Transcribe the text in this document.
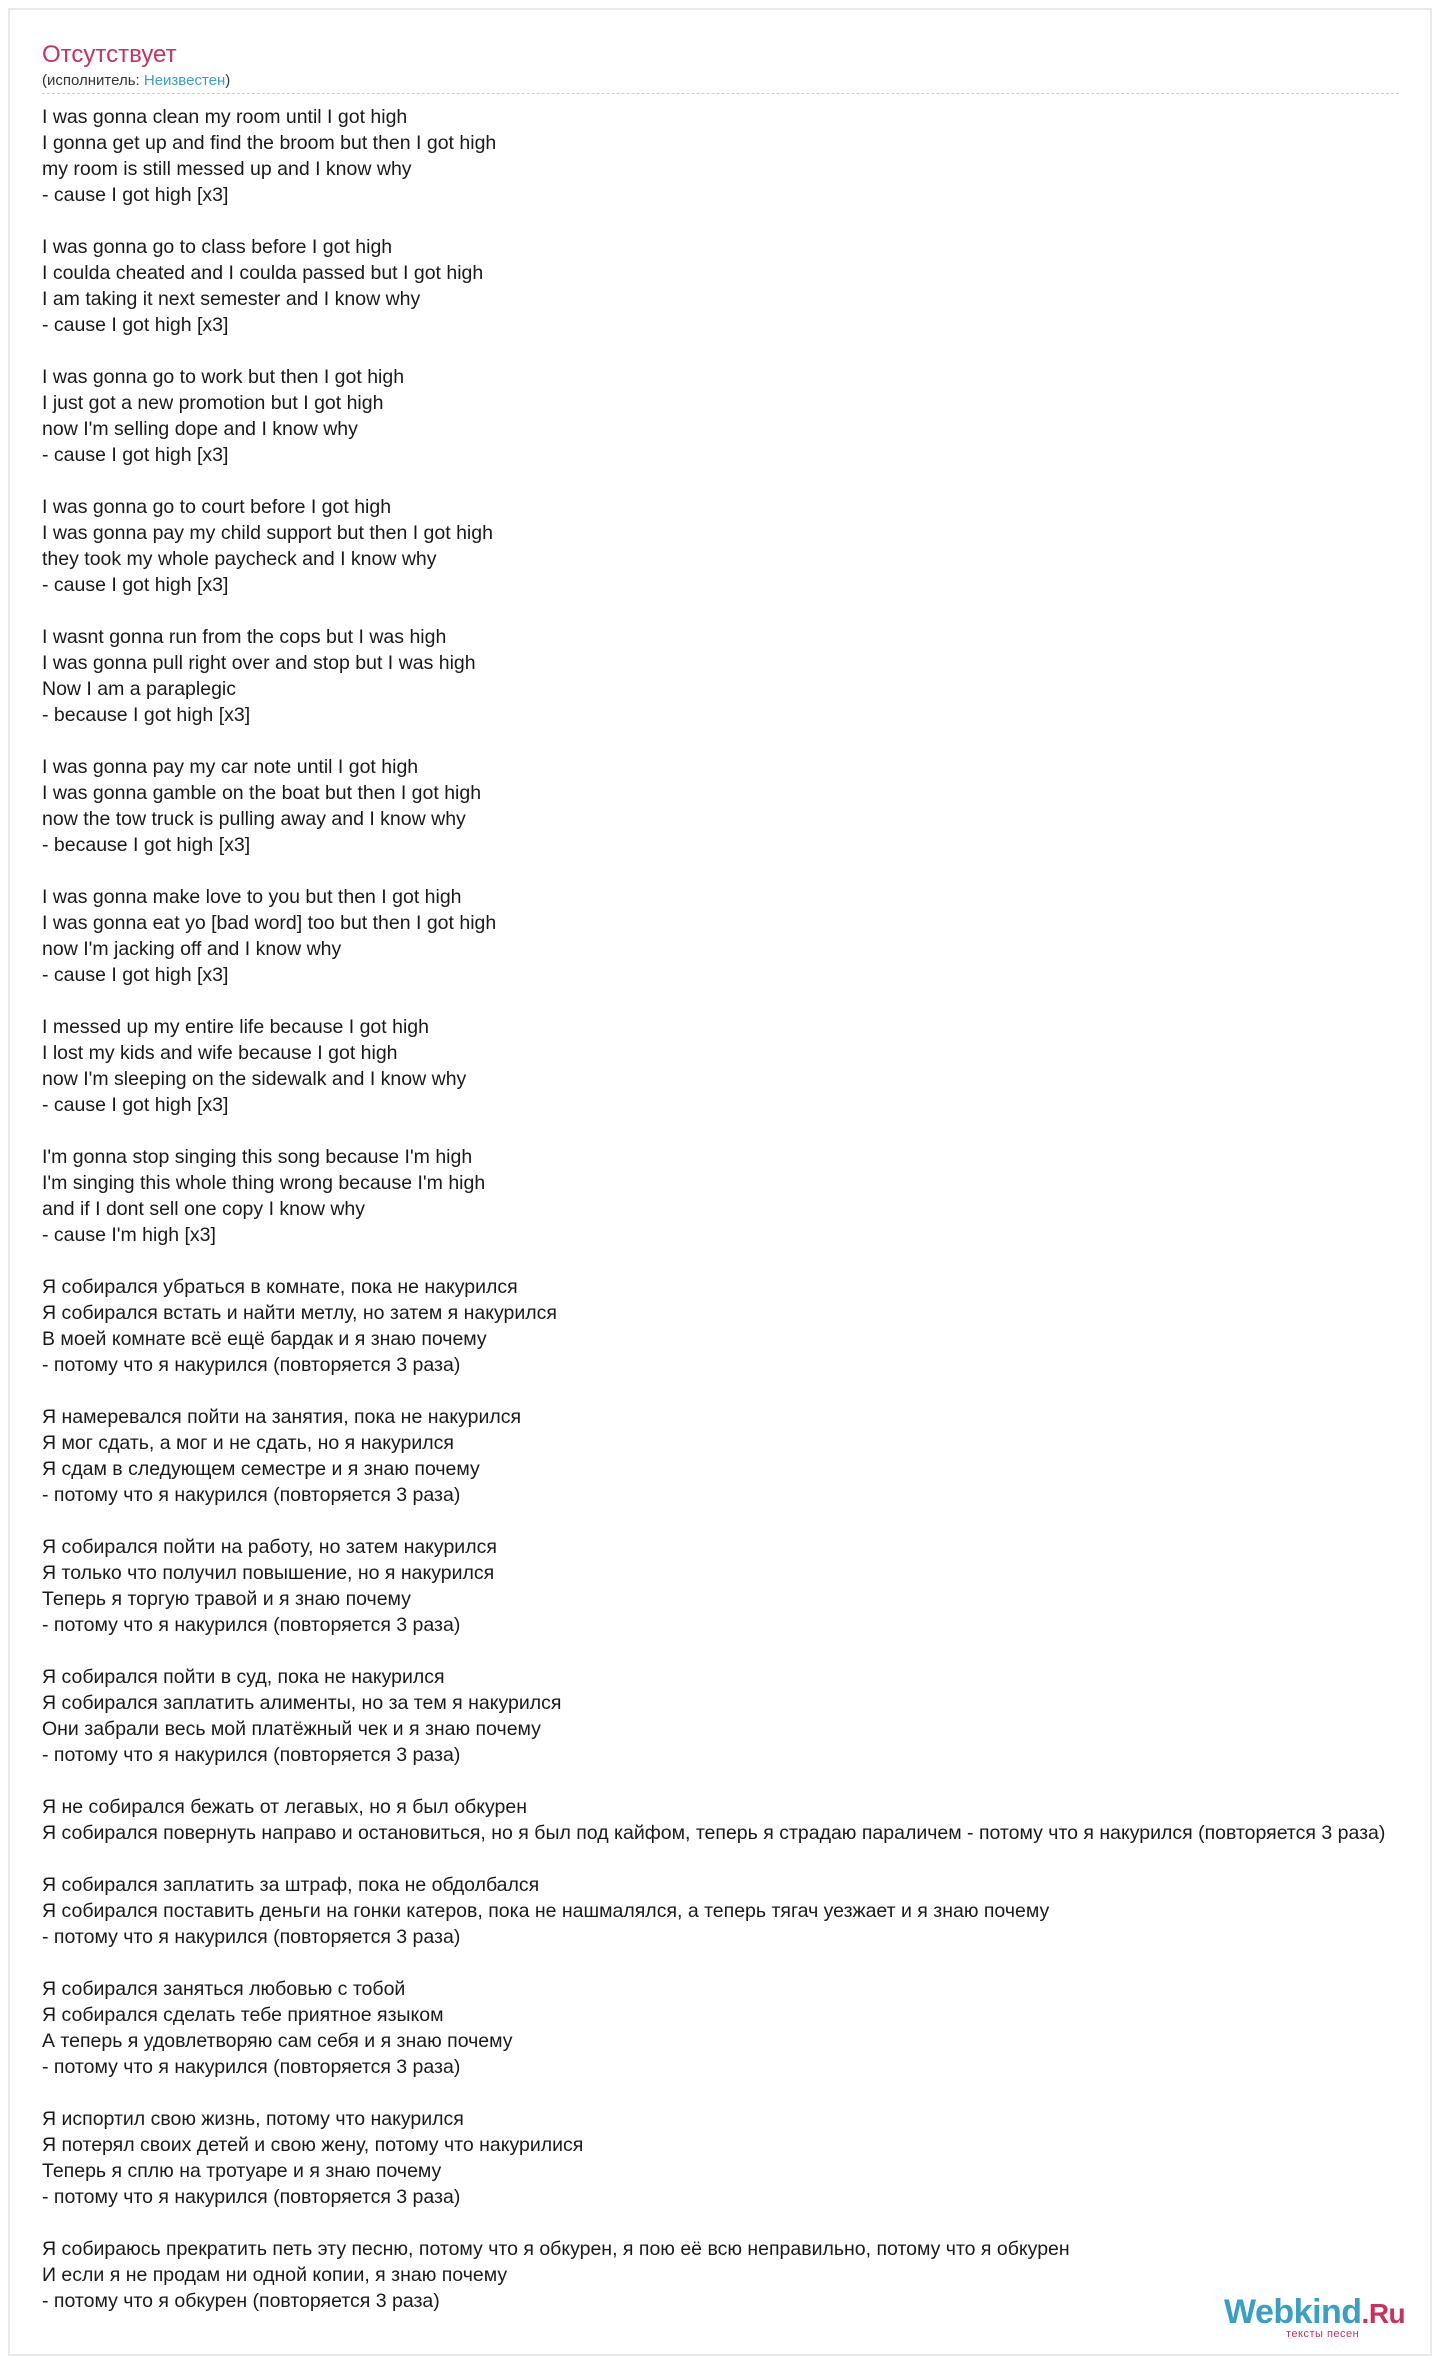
Отсутствует
(исполнитель: Неизвестен)
I was gonna clean my room until I got high
I gonna get up and find the broom but then I got high
my room is still messed up and I know why
- cause I got high [x3]
I was gonna go to class before I got high
I coulda cheated and I coulda passed but I got high
I am taking it next semester and I know why
- cause I got high [x3]
I was gonna go to work but then I got high
I just got a new promotion but I got high
now I'm selling dope and I know why
- cause I got high [x3]
I was gonna go to court before I got high
I was gonna pay my child support but then I got high
they took my whole paycheck and I know why
- cause I got high [x3]
I wasnt gonna run from the cops but I was high
I was gonna pull right over and stop but I was high
Now I am a paraplegic
- because I got high [x3]
I was gonna pay my car note until I got high
I was gonna gamble on the boat but then I got high
now the tow truck is pulling away and I know why
- because I got high [x3]
I was gonna make love to you but then I got high
I was gonna eat yo [bad word] too but then I got high
now I'm jacking off and I know why
- cause I got high [x3]
I messed up my entire life because I got high
I lost my kids and wife because I got high
now I'm sleeping on the sidewalk and I know why
- cause I got high [x3]
I'm gonna stop singing this song because I'm high
I'm singing this whole thing wrong because I'm high
and if I dont sell one copy I know why
- cause I'm high [x3]
Я собирался убраться в комнате, пока не накурился
Я собирался встать и найти метлу, но затем я накурился
В моей комнате всё ещё бардак и я знаю почему
- потому что я накурился (повторяется 3 раза)
Я намеревался пойти на занятия, пока не накурился
Я мог сдать, а мог и не сдать, но я накурился
Я сдам в следующем семестре и я знаю почему
- потому что я накурился (повторяется 3 раза)
Я собирался пойти на работу, но затем накурился
Я только что получил повышение, но я накурился
Теперь я торгую травой и я знаю почему
- потому что я накурился (повторяется 3 раза)
Я собирался пойти в суд, пока не накурился
Я собирался заплатить алименты, но за тем я накурился
Они забрали весь мой платёжный чек и я знаю почему
- потому что я накурился (повторяется 3 раза)
Я не собирался бежать от легавых, но я был обкурен
Я собирался повернуть направо и остановиться, но я был под кайфом, теперь я страдаю параличем - потому что я накурился (повторяется 3 раза)
Я собирался заплатить за штраф, пока не обдолбался
Я собирался поставить деньги на гонки катеров, пока не нашмалялся, а теперь тягач уезжает и я знаю почему
- потому что я накурился (повторяется 3 раза)
Я собирался заняться любовью с тобой
Я собирался сделать тебе приятное языком
А теперь я удовлетворяю сам себя и я знаю почему
- потому что я накурился (повторяется 3 раза)
Я испортил свою жизнь, потому что накурился
Я потерял своих детей и свою жену, потому что накурилися
Теперь я сплю на тротуаре и я знаю почему
- потому что я накурился (повторяется 3 раза)
Я собираюсь прекратить петь эту песню, потому что я обкурен, я пою её всю неправильно, потому что я обкурен
И если я не продам ни одной копии, я знаю почему
- потому что я обкурен (повторяется 3 раза)	Webkind.Ru
тексты песен
